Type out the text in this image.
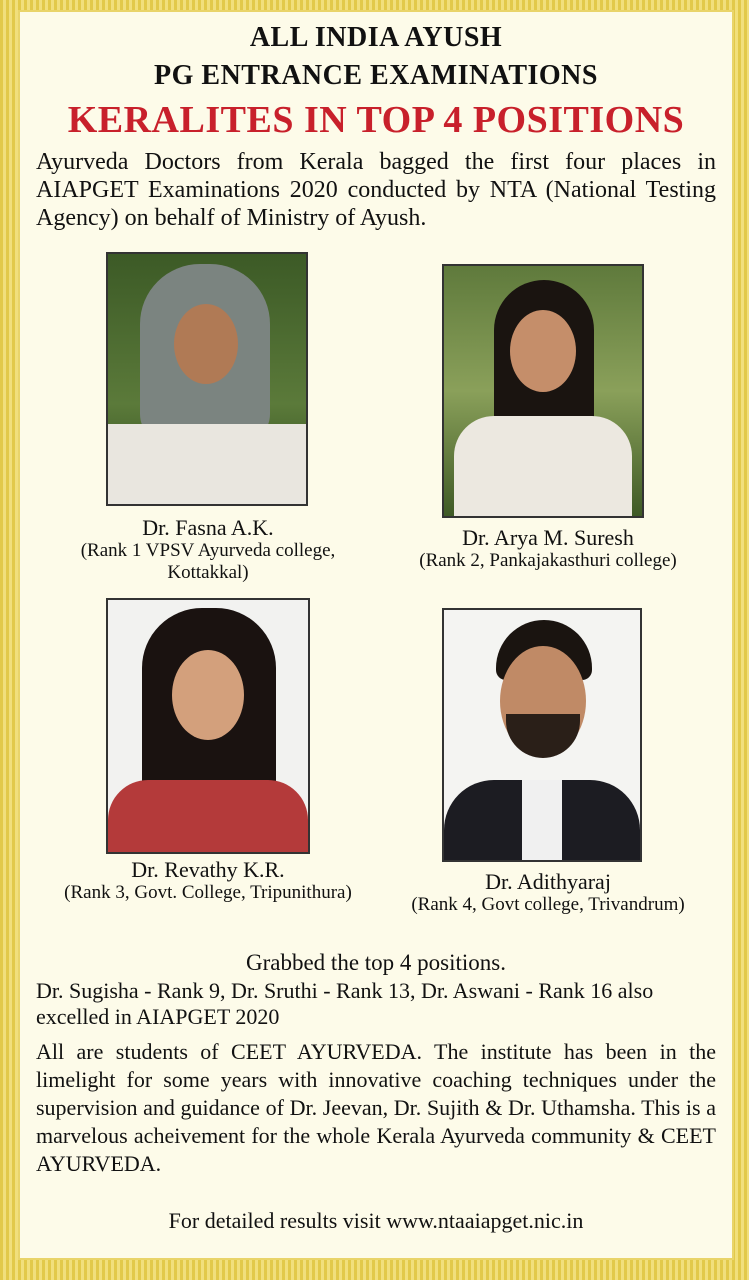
ALL INDIA AYUSH
PG ENTRANCE EXAMINATIONS
KERALITES IN TOP 4 POSITIONS
Ayurveda Doctors from Kerala bagged the first four places in AIAPGET Examinations 2020 conducted by NTA (National Testing Agency) on behalf of Ministry of Ayush.
Dr. Fasna A.K.
(Rank 1 VPSV Ayurveda college, Kottakkal)
Dr. Arya M. Suresh
(Rank 2, Pankajakasthuri college)
Dr. Revathy K.R.
(Rank 3, Govt. College, Tripunithura)	Dr. Adithyaraj
(Rank 4, Govt college, Trivandrum)
Grabbed the top 4 positions.
Dr. Sugisha - Rank 9, Dr. Sruthi - Rank 13, Dr. Aswani - Rank 16 also excelled in AIAPGET 2020
All are students of CEET AYURVEDA. The institute has been in the limelight for some years with innovative coaching techniques under the supervision and guidance of Dr. Jeevan, Dr. Sujith & Dr. Uthamsha. This is a marvelous acheivement for the whole Kerala Ayurveda community & CEET AYURVEDA.
For detailed results visit www.ntaaiapget.nic.in
